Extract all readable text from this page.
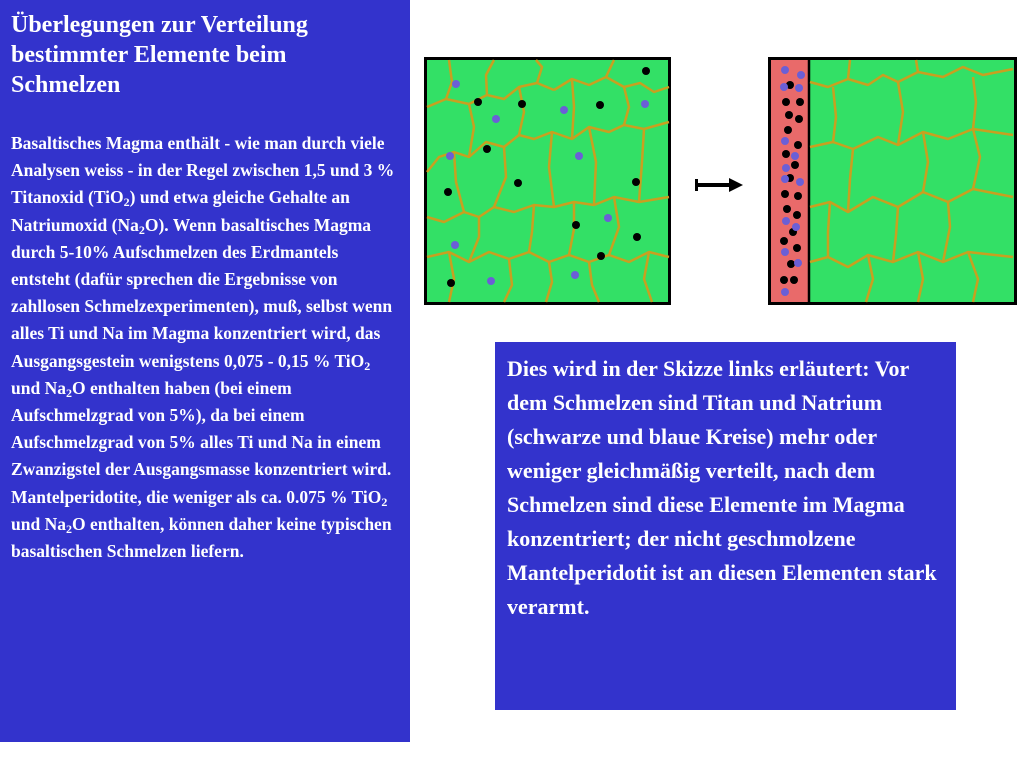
Überlegungen zur Verteilung bestimmter Elemente beim Schmelzen

Basaltisches Magma enthält - wie man durch viele Analysen weiss - in der Regel zwischen 1,5 und 3 % Titanoxid (TiO$_2$) und etwa gleiche Gehalte an Natriumoxid $(Na_2O)$. Wenn basaltisches Magma durch 5-10% Aufschmelzen des Erdmantels entsteht (dafür sprechen die Ergebnisse von zahllosen Schmelzexperimenten), muß, selbst wenn alles Ti und Na im Magma konzentriert wird, das Ausgangsgestein wenigstens 0,075 - 0,15 % TiO$_2$ und $Na_2O$ enthalten haben (bei einem Aufschmelzgrad von 5%), da bei einem Aufschmelzgrad von 5% alles Ti und Na in einem Zwanzigstel der Ausgangsmasse konzentriert wird. Mantelperidotite, die weniger als ca. 0.075 % TiO$_2$ und $Na_2O$ enthalten, können daher keine typischen basaltischen Schmelzen liefern.

Dies wird in der Skizze links erläutert: Vor dem Schmelzen sind Titan und Natrium (schwarze und blaue Kreise) mehr oder weniger gleichmäßig verteilt, nach dem Schmelzen sind diese Elemente im Magma konzentriert; der nicht geschmolzene Mantelperidotit ist an diesen Elementen stark verarmt.
